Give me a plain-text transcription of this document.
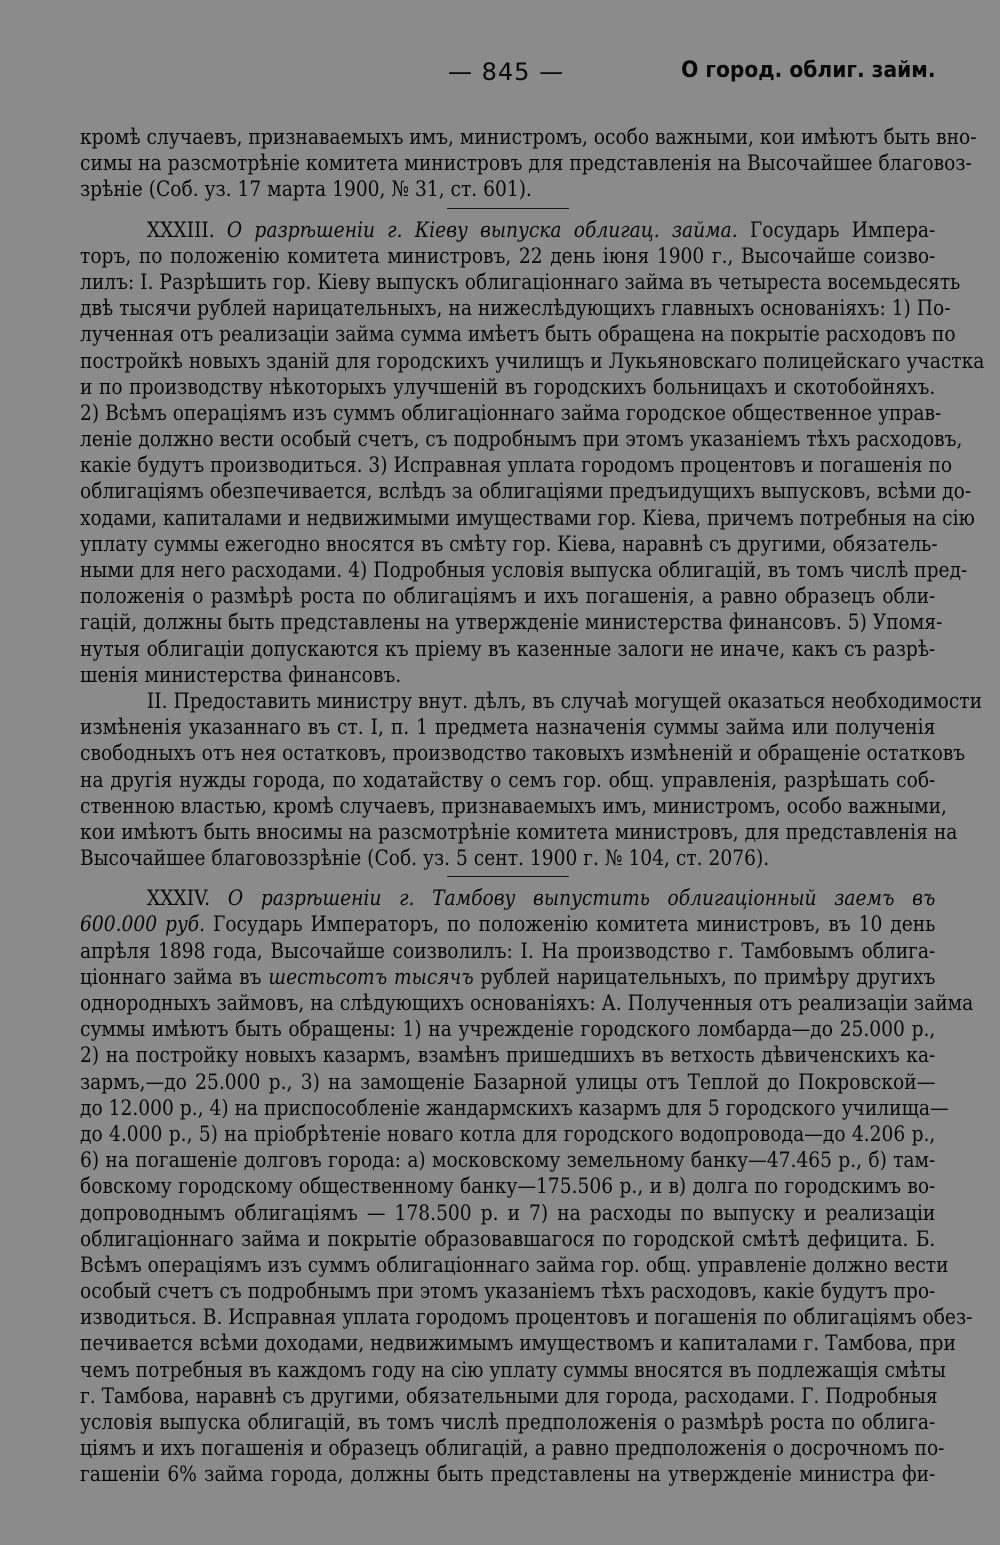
— 845 —	О город. облиг. займ.
кромѣ случаевъ, признаваемыхъ имъ, министромъ, особо важными, кои имѣютъ быть вно-
симы на разсмотрѣніе комитета министровъ для представленія на Высочайшее благовоз-
зрѣніе (Соб. уз. 17 марта 1900, № 31, ст. 601).
XXXIII. О разрѣшеніи г. Кіеву выпуска облигац. займа. Государь Импера-
торъ, по положенію комитета министровъ, 22 день іюня 1900 г., Высочайше соизво-
лилъ: I. Разрѣшить гор. Кіеву выпускъ облигаціоннаго займа въ четыреста восемьдесять
двѣ тысячи рублей нарицательныхъ, на нижеслѣдующихъ главныхъ основаніяхъ: 1) По-
лученная отъ реализаціи займа сумма имѣетъ быть обращена на покрытіе расходовъ по
постройкѣ новыхъ зданій для городскихъ училищъ и Лукьяновскаго полицейскаго участка
и по производству нѣкоторыхъ улучшеній въ городскихъ больницахъ и скотобойняхъ.
2) Всѣмъ операціямъ изъ суммъ облигаціоннаго займа городское общественное управ-
леніе должно вести особый счетъ, съ подробнымъ при этомъ указаніемъ тѣхъ расходовъ,
какіе будутъ производиться. 3) Исправная уплата городомъ процентовъ и погашенія по
облигаціямъ обезпечивается, вслѣдъ за облигаціями предъидущихъ выпусковъ, всѣми до-
ходами, капиталами и недвижимыми имуществами гор. Кіева, причемъ потребныя на сію
уплату суммы ежегодно вносятся въ смѣту гор. Кіева, наравнѣ съ другими, обязатель-
ными для него расходами. 4) Подробныя условія выпуска облигацій, въ томъ числѣ пред-
положенія о размѣрѣ роста по облигаціямъ и ихъ погашенія, а равно образецъ обли-
гацій, должны быть представлены на утвержденіе министерства финансовъ. 5) Упомя-
нутыя облигаціи допускаются къ пріему въ казенные залоги не иначе, какъ съ разрѣ-
шенія министерства финансовъ.
II. Предоставить министру внут. дѣлъ, въ случаѣ могущей оказаться необходимости
измѣненія указаннаго въ ст. I, п. 1 предмета назначенія суммы займа или полученія
свободныхъ отъ нея остатковъ, производство таковыхъ измѣненій и обращеніе остатковъ
на другія нужды города, по ходатайству о семъ гор. общ. управленія, разрѣшать соб-
ственною властью, кромѣ случаевъ, признаваемыхъ имъ, министромъ, особо важными,
кои имѣютъ быть вносимы на разсмотрѣніе комитета министровъ, для представленія на
Высочайшее благовоззрѣніе (Соб. уз. 5 сент. 1900 г. № 104, ст. 2076).
XXXIV. О разрѣшеніи г. Тамбову выпустить облигаціонный заемъ въ
600.000 руб. Государь Императоръ, по положенію комитета министровъ, въ 10 день
апрѣля 1898 года, Высочайше соизволилъ: I. На производство г. Тамбовымъ облига-
ціоннаго займа въ шестьсотъ тысячъ рублей нарицательныхъ, по примѣру другихъ
однородныхъ займовъ, на слѣдующихъ основаніяхъ: А. Полученныя отъ реализаціи займа
суммы имѣютъ быть обращены: 1) на учрежденіе городского ломбарда—до 25.000 р.,
2) на постройку новыхъ казармъ, взамѣнъ пришедшихъ въ ветхость дѣвиченскихъ ка-
зармъ,—до 25.000 р., 3) на замощеніе Базарной улицы отъ Теплой до Покровской—
до 12.000 р., 4) на приспособленіе жандармскихъ казармъ для 5 городского училища—
до 4.000 р., 5) на пріобрѣтеніе новаго котла для городского водопровода—до 4.206 р.,
6) на погашеніе долговъ города: а) московскому земельному банку—47.465 р., б) там-
бовскому городскому общественному банку—175.506 р., и в) долга по городскимъ во-
допроводнымъ облигаціямъ — 178.500 р. и 7) на расходы по выпуску и реализаціи
облигаціоннаго займа и покрытіе образовавшагося по городской смѣтѣ дефицита. Б.
Всѣмъ операціямъ изъ суммъ облигаціоннаго займа гор. общ. управленіе должно вести
особый счетъ съ подробнымъ при этомъ указаніемъ тѣхъ расходовъ, какіе будутъ про-
изводиться. В. Исправная уплата городомъ процентовъ и погашенія по облигаціямъ обез-
печивается всѣми доходами, недвижимымъ имуществомъ и капиталами г. Тамбова, при
чемъ потребныя въ каждомъ году на сію уплату суммы вносятся въ подлежащія смѣты
г. Тамбова, наравнѣ съ другими, обязательными для города, расходами. Г. Подробныя
условія выпуска облигацій, въ томъ числѣ предположенія о размѣрѣ роста по облига-
ціямъ и ихъ погашенія и образецъ облигацій, а равно предположенія о досрочномъ по-
гашеніи 6% займа города, должны быть представлены на утвержденіе министра фи-
